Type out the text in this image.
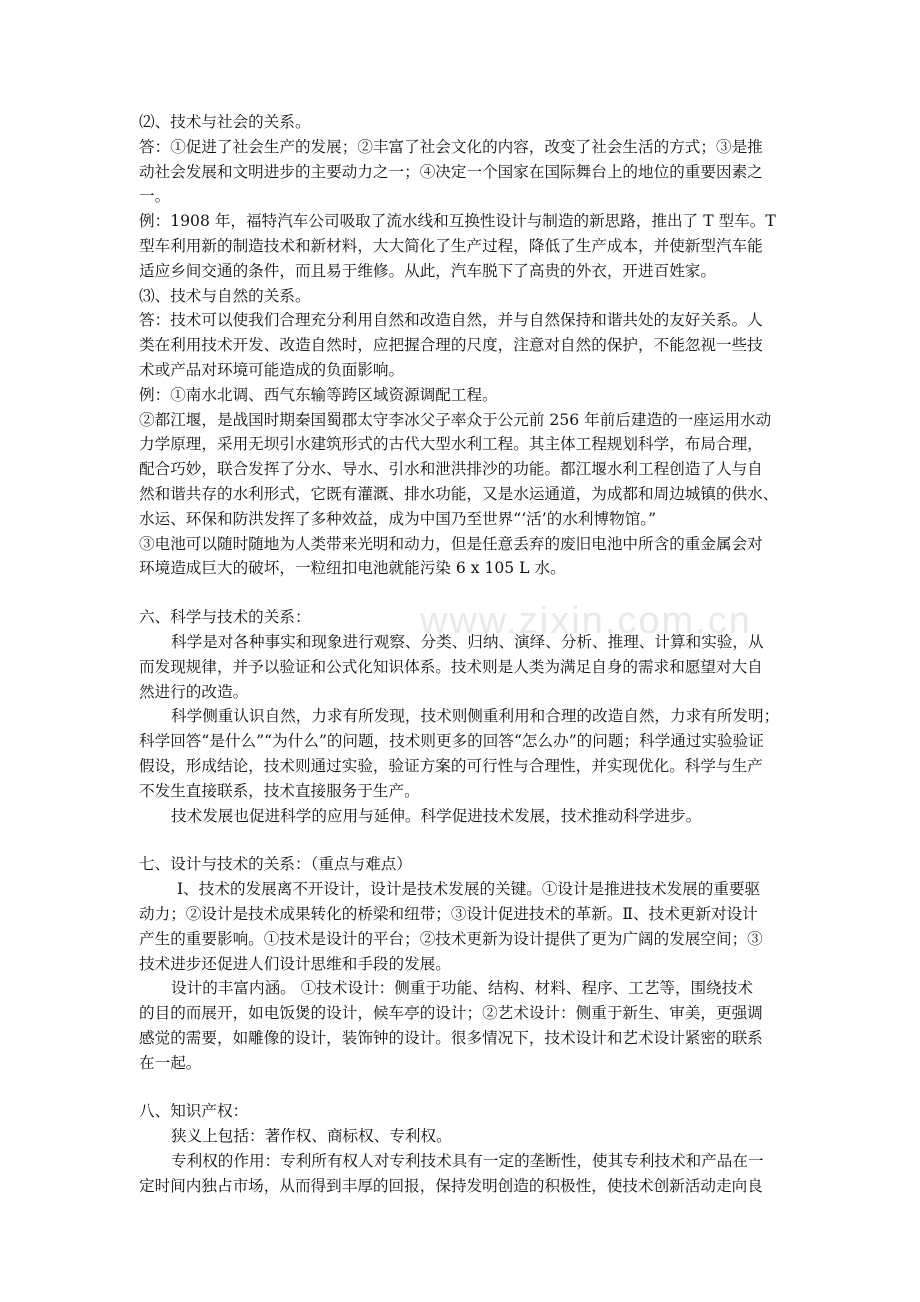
www.zixin.com.cn

⑵、技术与社会的关系。

答：①促进了社会生产的发展；②丰富了社会文化的内容，改变了社会生活的方式；③是推

动社会发展和文明进步的主要动力之一；④决定一个国家在国际舞台上的地位的重要因素之

一。

例：1908 年，福特汽车公司吸取了流水线和互换性设计与制造的新思路，推出了 T 型车。T

型车利用新的制造技术和新材料，大大简化了生产过程，降低了生产成本，并使新型汽车能

适应乡间交通的条件，而且易于维修。从此，汽车脱下了高贵的外衣，开进百姓家。

⑶、技术与自然的关系。

答：技术可以使我们合理充分利用自然和改造自然，并与自然保持和谐共处的友好关系。人

类在利用技术开发、改造自然时，应把握合理的尺度，注意对自然的保护，不能忽视一些技

术或产品对环境可能造成的负面影响。

例：①南水北调、西气东输等跨区域资源调配工程。

②都江堰，是战国时期秦国蜀郡太守李冰父子率众于公元前 256 年前后建造的一座运用水动

力学原理，采用无坝引水建筑形式的古代大型水利工程。其主体工程规划科学，布局合理，

配合巧妙，联合发挥了分水、导水、引水和泄洪排沙的功能。都江堰水利工程创造了人与自

然和谐共存的水利形式，它既有灌溉、排水功能，又是水运通道，为成都和周边城镇的供水、

水运、环保和防洪发挥了多种效益，成为中国乃至世界“‘活’的水利博物馆。”

③电池可以随时随地为人类带来光明和动力，但是任意丢弃的废旧电池中所含的重金属会对

环境造成巨大的破坏，一粒纽扣电池就能污染 6 x 105 L 水。

六、科学与技术的关系：

科学是对各种事实和现象进行观察、分类、归纳、演绎、分析、推理、计算和实验，从

而发现规律，并予以验证和公式化知识体系。技术则是人类为满足自身的需求和愿望对大自

然进行的改造。

科学侧重认识自然，力求有所发现，技术则侧重利用和合理的改造自然，力求有所发明；

科学回答“是什么”“为什么”的问题，技术则更多的回答“怎么办”的问题；科学通过实验验证

假设，形成结论，技术则通过实验，验证方案的可行性与合理性，并实现优化。科学与生产

不发生直接联系，技术直接服务于生产。

技术发展也促进科学的应用与延伸。科学促进技术发展，技术推动科学进步。

七、设计与技术的关系：（重点与难点）

Ⅰ、技术的发展离不开设计，设计是技术发展的关键。①设计是推进技术发展的重要驱

动力；②设计是技术成果转化的桥梁和纽带；③设计促进技术的革新。Ⅱ、技术更新对设计

产生的重要影响。①技术是设计的平台；②技术更新为设计提供了更为广阔的发展空间；③

技术进步还促进人们设计思维和手段的发展。

设计的丰富内涵。 ①技术设计：侧重于功能、结构、材料、程序、工艺等，围绕技术

的目的而展开，如电饭煲的设计，候车亭的设计；②艺术设计：侧重于新生、审美，更强调

感觉的需要，如雕像的设计，装饰钟的设计。很多情况下，技术设计和艺术设计紧密的联系

在一起。

八、知识产权：

狭义上包括：著作权、商标权、专利权。

专利权的作用：专利所有权人对专利技术具有一定的垄断性，使其专利技术和产品在一

定时间内独占市场，从而得到丰厚的回报，保持发明创造的积极性，使技术创新活动走向良
